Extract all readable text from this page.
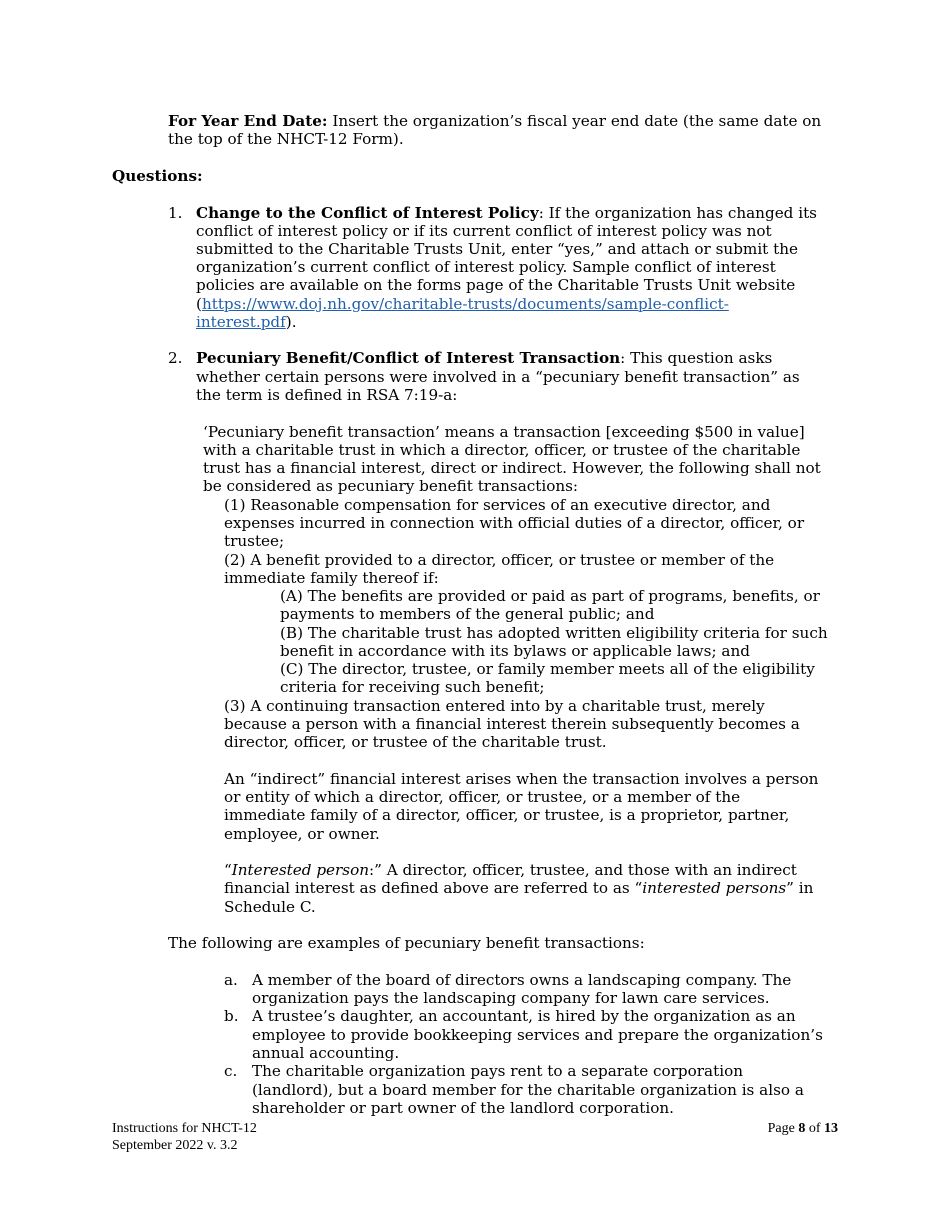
For Year End Date: Insert the organization’s fiscal year end date (the same date on
the top of the NHCT-12 Form).
Questions:
1. Change to the Conflict of Interest Policy: If the organization has changed its
conflict of interest policy or if its current conflict of interest policy was not
submitted to the Charitable Trusts Unit, enter “yes,” and attach or submit the
organization’s current conflict of interest policy. Sample conflict of interest
policies are available on the forms page of the Charitable Trusts Unit website
(https://www.doj.nh.gov/charitable-trusts/documents/sample-conflict-
interest.pdf).
2. Pecuniary Benefit/Conflict of Interest Transaction: This question asks
whether certain persons were involved in a “pecuniary benefit transaction” as
the term is defined in RSA 7:19-a:
‘Pecuniary benefit transaction’ means a transaction [exceeding $500 in value]
with a charitable trust in which a director, officer, or trustee of the charitable
trust has a financial interest, direct or indirect. However, the following shall not
be considered as pecuniary benefit transactions:
(1) Reasonable compensation for services of an executive director, and
expenses incurred in connection with official duties of a director, officer, or
trustee;
(2) A benefit provided to a director, officer, or trustee or member of the
immediate family thereof if:
(A) The benefits are provided or paid as part of programs, benefits, or
payments to members of the general public; and
(B) The charitable trust has adopted written eligibility criteria for such
benefit in accordance with its bylaws or applicable laws; and
(C) The director, trustee, or family member meets all of the eligibility
criteria for receiving such benefit;
(3) A continuing transaction entered into by a charitable trust, merely
because a person with a financial interest therein subsequently becomes a
director, officer, or trustee of the charitable trust.
An “indirect” financial interest arises when the transaction involves a person
or entity of which a director, officer, or trustee, or a member of the
immediate family of a director, officer, or trustee, is a proprietor, partner,
employee, or owner.
“Interested person:” A director, officer, trustee, and those with an indirect
financial interest as defined above are referred to as “interested persons” in
Schedule C.
The following are examples of pecuniary benefit transactions:
a. A member of the board of directors owns a landscaping company. The
organization pays the landscaping company for lawn care services.
b. A trustee’s daughter, an accountant, is hired by the organization as an
employee to provide bookkeeping services and prepare the organization’s
annual accounting.
c. The charitable organization pays rent to a separate corporation
(landlord), but a board member for the charitable organization is also a
shareholder or part owner of the landlord corporation.
Instructions for NHCT-12
September 2022 v. 3.2
Page 8 of 13
